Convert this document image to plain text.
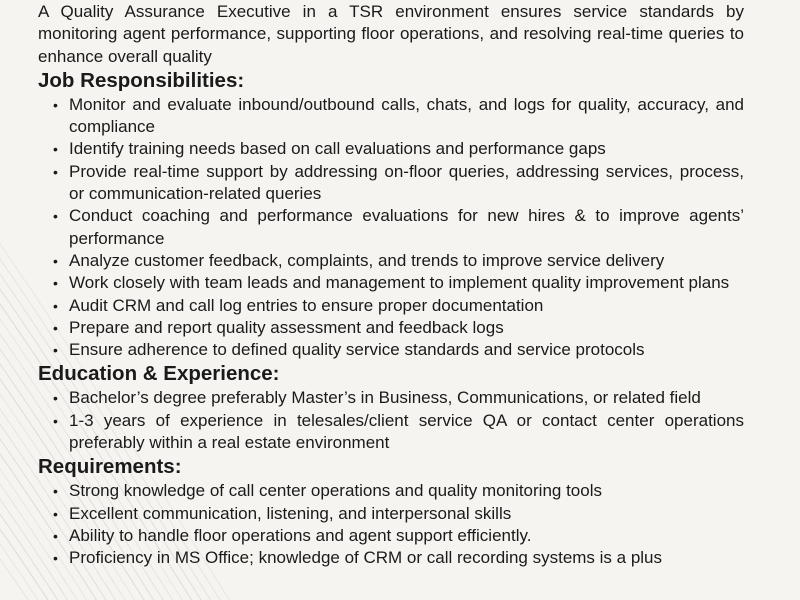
A Quality Assurance Executive in a TSR environment ensures service standards by monitoring agent performance, supporting floor operations, and resolving real-time queries to enhance overall quality

Job Responsibilities:
• Monitor and evaluate inbound/outbound calls, chats, and logs for quality, accuracy, and compliance
• Identify training needs based on call evaluations and performance gaps
• Provide real-time support by addressing on-floor queries, addressing services, process, or communication-related queries
• Conduct coaching and performance evaluations for new hires & to improve agents’ performance
• Analyze customer feedback, complaints, and trends to improve service delivery
• Work closely with team leads and management to implement quality improvement plans
• Audit CRM and call log entries to ensure proper documentation
• Prepare and report quality assessment and feedback logs
• Ensure adherence to defined quality service standards and service protocols
Education & Experience:
• Bachelor’s degree preferably Master’s in Business, Communications, or related field
• 1-3 years of experience in telesales/client service QA or contact center operations preferably within a real estate environment
Requirements:
• Strong knowledge of call center operations and quality monitoring tools
• Excellent communication, listening, and interpersonal skills
• Ability to handle floor operations and agent support efficiently.
• Proficiency in MS Office; knowledge of CRM or call recording systems is a plus
